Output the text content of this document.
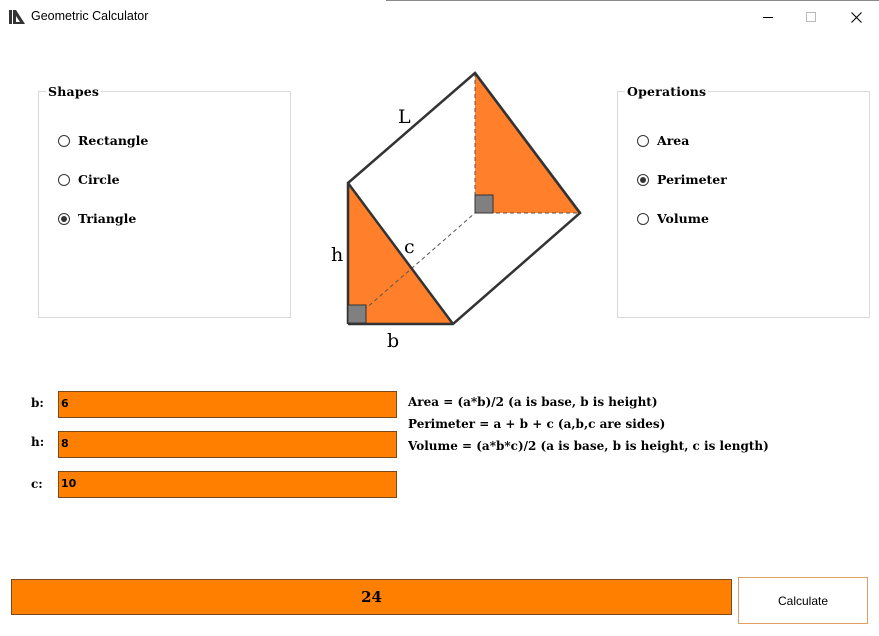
Geometric Calculator
Shapes
Rectangle
Circle
Triangle
Operations
Area
Perimeter
Volume
L
h	c
b
b: 6
h: 8
c: 10
Area = (a*b)/2 (a is base, b is height)
Perimeter = a + b + c (a,b,c are sides)
Volume = (a*b*c)/2 (a is base, b is height, c is length)
24	Calculate
